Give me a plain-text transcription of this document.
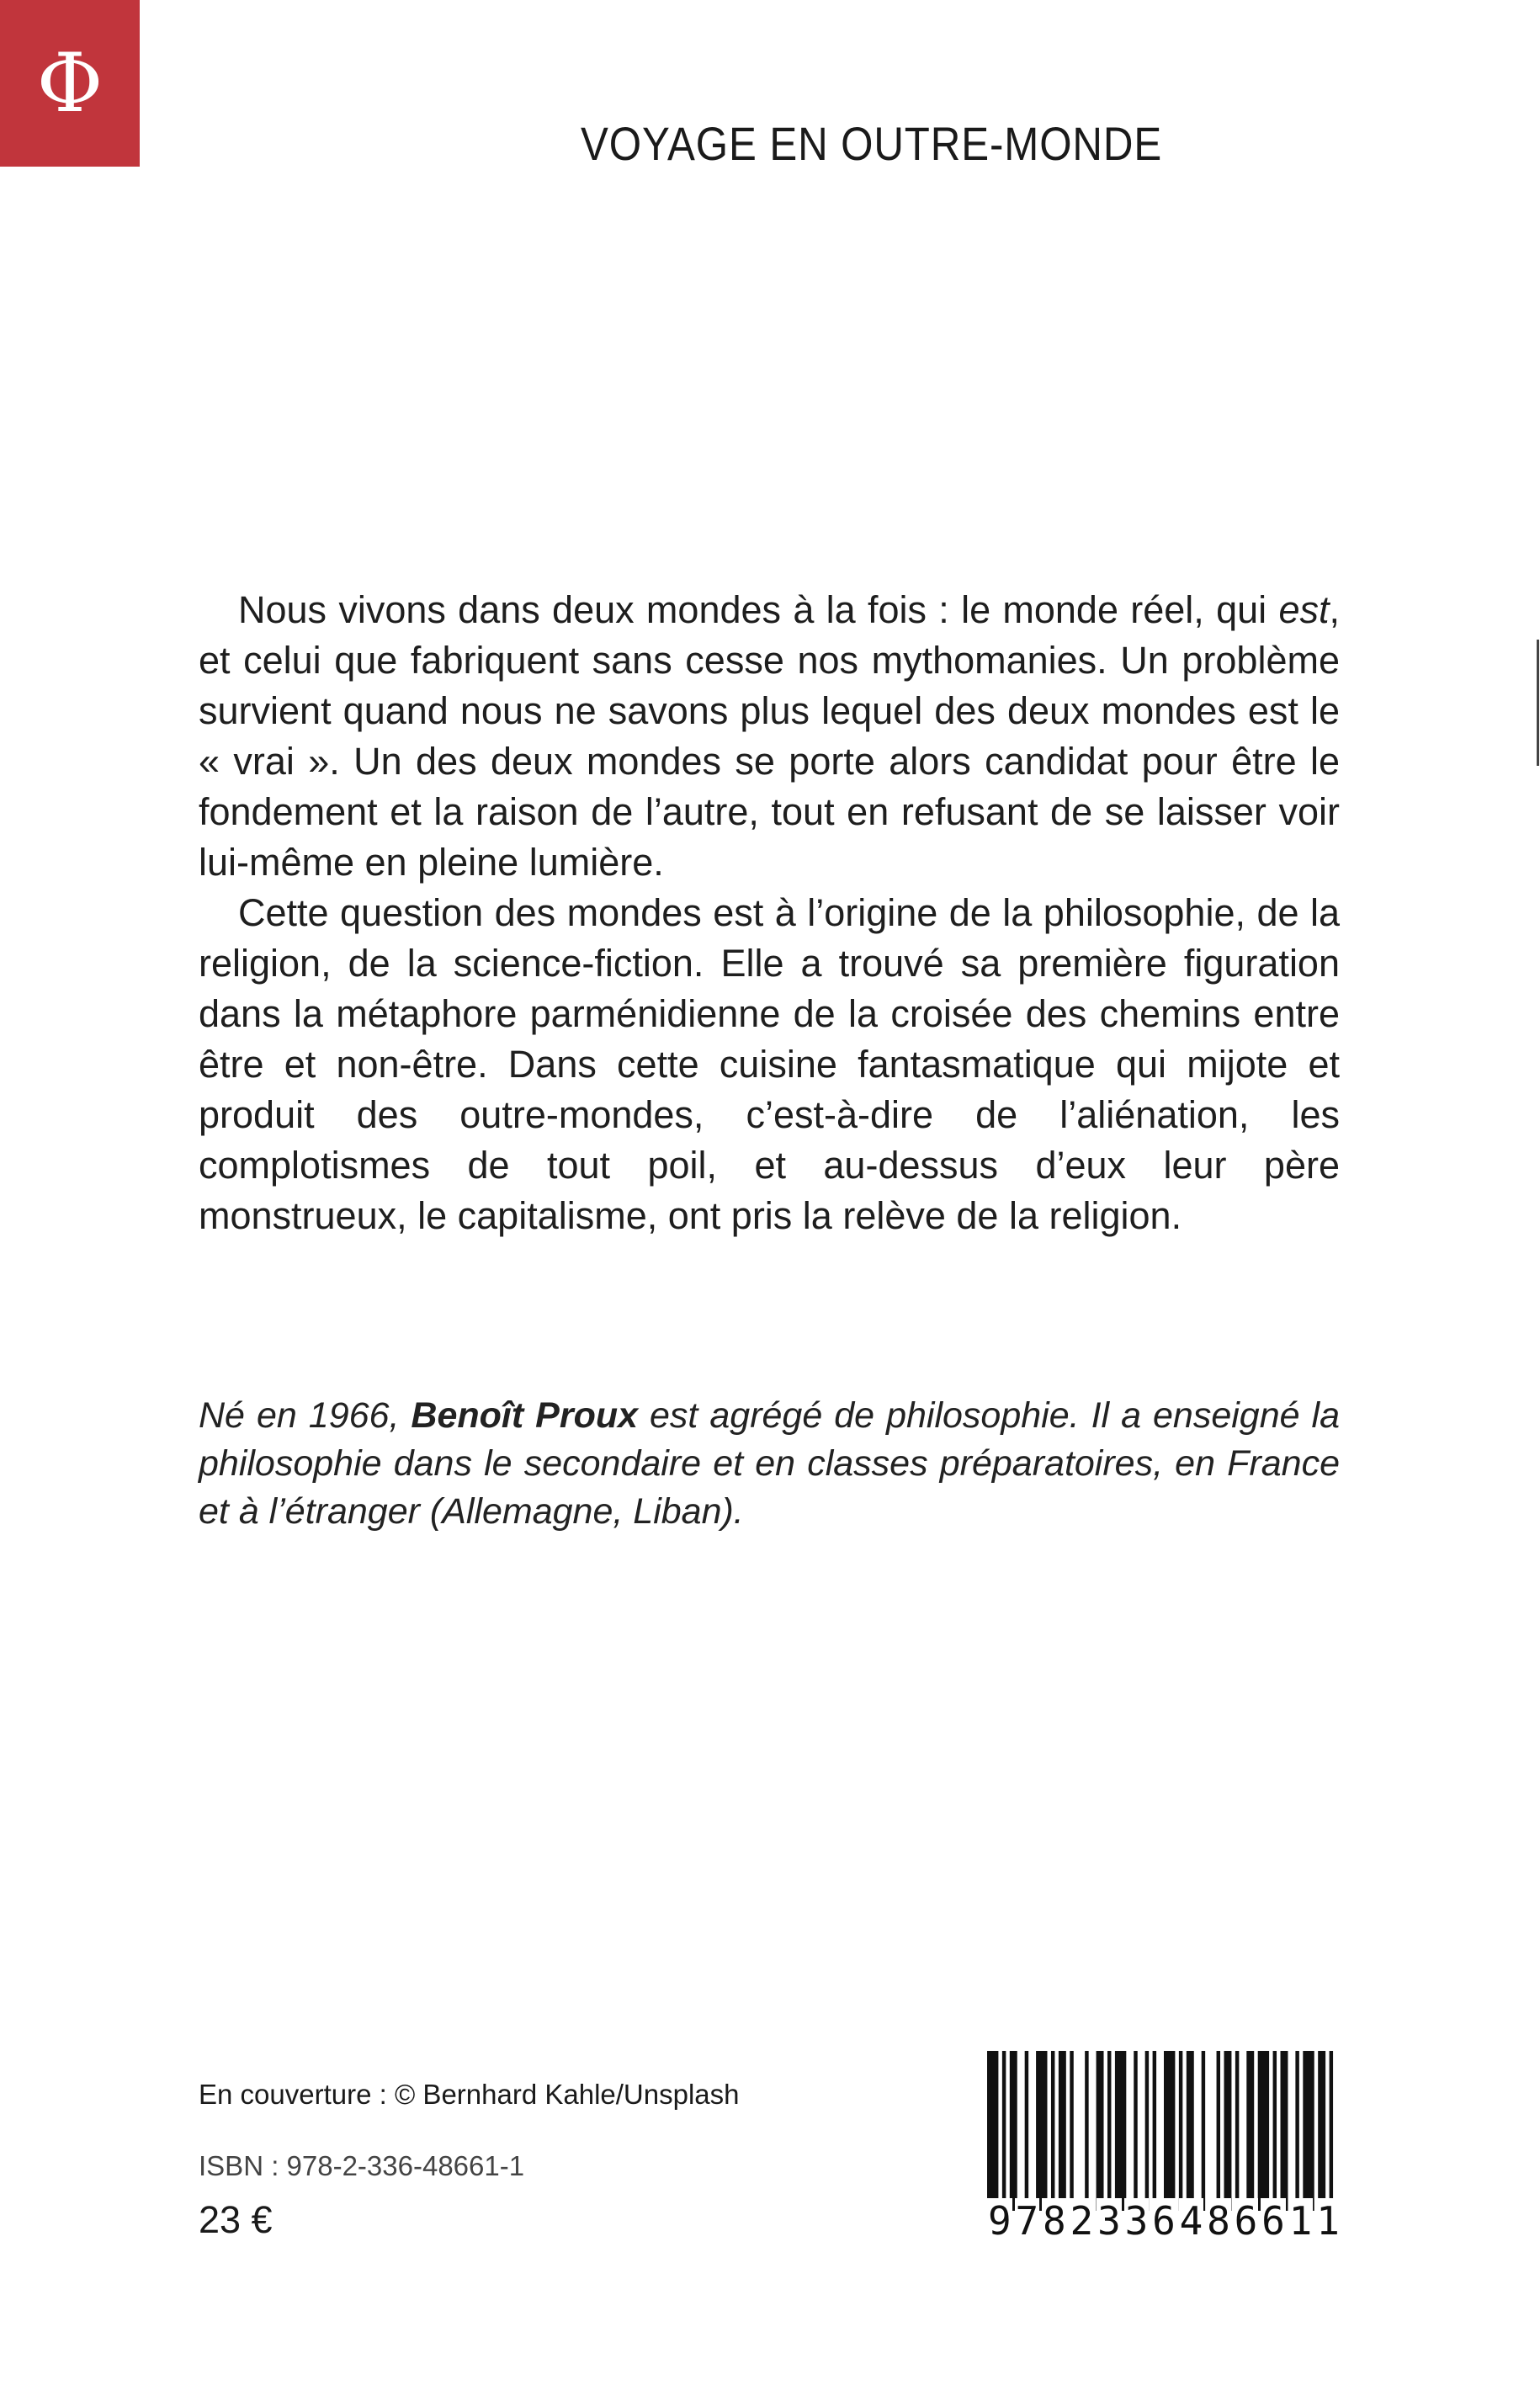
Φ
VOYAGE EN OUTRE-MONDE

Nous vivons dans deux mondes à la fois : le monde réel, qui est, et celui que fabriquent sans cesse nos mythomanies. Un problème survient quand nous ne savons plus lequel des deux mondes est le « vrai ». Un des deux mondes se porte alors candidat pour être le fondement et la raison de l’autre, tout en refusant de se laisser voir lui-même en pleine lumière.

Cette question des mondes est à l’origine de la philosophie, de la religion, de la science-fiction. Elle a trouvé sa première figuration dans la métaphore parménidienne de la croisée des chemins entre être et non-être. Dans cette cuisine fantasmatique qui mijote et produit des outre-mondes, c’est-à-dire de l’aliénation, les complotismes de tout poil, et au-dessus d’eux leur père monstrueux, le capitalisme, ont pris la relève de la religion.

Né en 1966, Benoît Proux est agrégé de philosophie. Il a enseigné la philosophie dans le secondaire et en classes préparatoires, en France et à l’étranger (Allemagne, Liban).
En couverture : © Bernhard Kahle/Unsplash
ISBN : 978-2-336-48661-1
23 €	9 7 8 2 3 3 6 4 8 6 6 1 1
